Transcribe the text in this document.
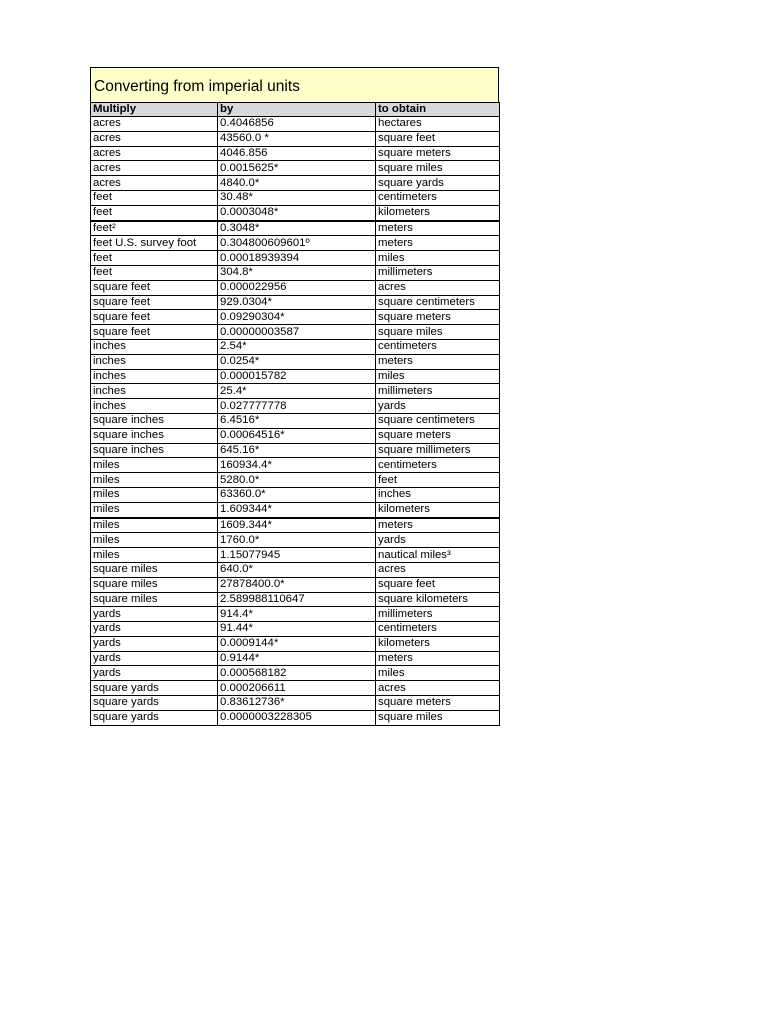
Converting from imperial units
Multiply	by	to obtain
acres	0.4046856	hectares
acres	43560.0 *	square feet
acres	4046.856	square meters
acres	0.0015625*	square miles
acres	4840.0*	square yards
feet	30.48*	centimeters
feet	0.0003048*	kilometers
feet²	0.3048*	meters
feet U.S. survey foot	0.304800609601º	meters
feet	0.00018939394	miles
feet	304.8*	millimeters
square feet	0.000022956	acres
square feet	929.0304*	square centimeters
square feet	0.09290304*	square meters
square feet	0.00000003587	square miles
inches	2.54*	centimeters
inches	0.0254*	meters
inches	0.000015782	miles
inches	25.4*	millimeters
inches	0.027777778	yards
square inches	6.4516*	square centimeters
square inches	0.00064516*	square meters
square inches	645.16*	square millimeters
miles	160934.4*	centimeters
miles	5280.0*	feet
miles	63360.0*	inches
miles	1.609344*	kilometers
miles	1609.344*	meters
miles	1760.0*	yards
miles	1.15077945	nautical miles³
square miles	640.0*	acres
square miles	27878400.0*	square feet
square miles	2.589988110647	square kilometers
yards	914.4*	millimeters
yards	91.44*	centimeters
yards	0.0009144*	kilometers
yards	0.9144*	meters
yards	0.000568182	miles
square yards	0.000206611	acres
square yards	0.83612736*	square meters
square yards	0.0000003228305	square miles
